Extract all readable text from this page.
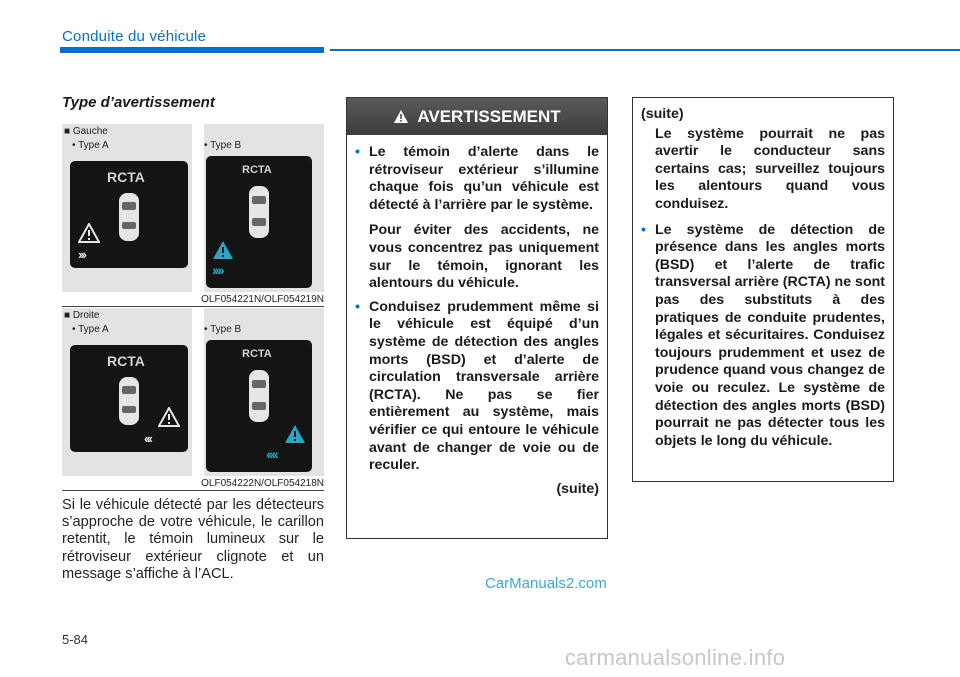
Conduite du véhicule
Type d’avertissement
■ Gauche
• Type A	• Type B
RCTA
›››
RCTA
››››
OLF054221N/OLF054219N
■ Droite
• Type A	• Type B
RCTA
‹‹‹
RCTA
‹‹‹‹
OLF054222N/OLF054218N
Si le véhicule détecté par les détecteurs s’approche de votre véhicule, le carillon retentit, le témoin lumineux sur le rétroviseur extérieur clignote et un message s’affiche à l’ACL.
AVERTISSEMENT
• Le témoin d’alerte dans le rétroviseur extérieur s’illumine chaque fois qu’un véhicule est détecté à l’arrière par le système.
Pour éviter des accidents, ne vous concentrez pas uniquement sur le témoin, ignorant les alentours du véhicule.
• Conduisez prudemment même si le véhicule est équipé d’un système de détection des angles morts (BSD) et d’alerte de circulation transversale arrière (RCTA). Ne pas se fier entièrement au système, mais vérifier ce qui entoure le véhicule avant de changer de voie ou de reculer.
(suite)
(suite)
Le système pourrait ne pas avertir le conducteur sans certains cas; surveillez toujours les alentours quand vous conduisez.
• Le système de détection de présence dans les angles morts (BSD) et l’alerte de trafic transversal arrière (RCTA) ne sont pas des substituts à des pratiques de conduite prudentes, légales et sécuritaires. Conduisez toujours prudemment et usez de prudence quand vous changez de voie ou reculez. Le système de détection des angles morts (BSD) pourrait ne pas détecter tous les objets le long du véhicule.
CarManuals2.com
5-84
carmanualsonline.info
